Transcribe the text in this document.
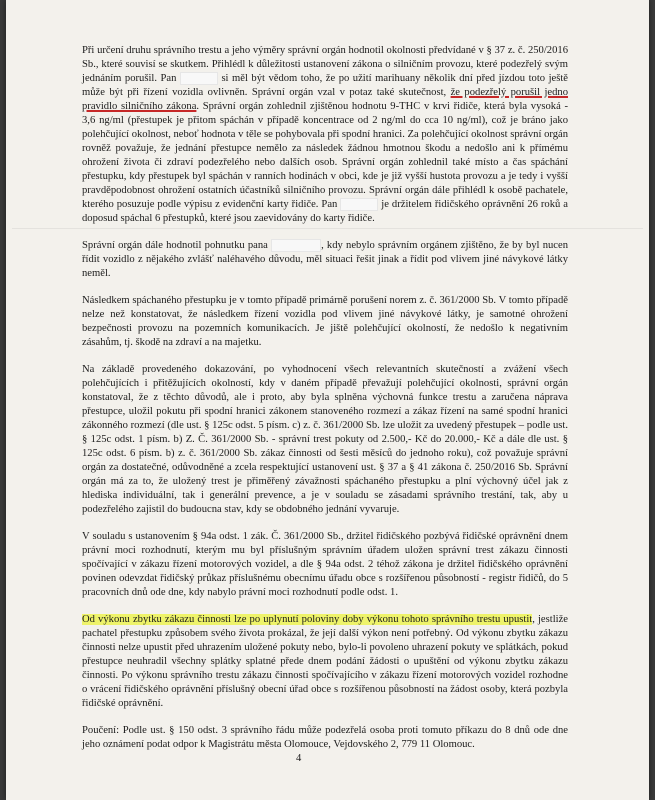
Při určení druhu správního trestu a jeho výměry správní orgán hodnotil okolnosti předvídané v § 37 z. č. 250/2016 Sb., které souvisí se skutkem. Přihlédl k důležitosti ustanovení zákona o silničním provozu, které podezřelý svým jednáním porušil. Pan	si měl být vědom toho, že po užití marihuany několik dní před jízdou toto ještě může být při řízení vozidla ovlivněn. Správní orgán vzal v potaz také skutečnost, že podezřelý porušil jedno pravidlo silničního zákona. Správní orgán zohlednil zjištěnou hodnotu 9-THC v krvi řidiče, která byla vysoká - 3,6 ng/ml (přestupek je přitom spáchán v případě koncentrace od 2 ng/ml do cca 10 ng/ml), což je bráno jako polehčující okolnost, neboť hodnota v těle se pohybovala při spodní hranici. Za polehčující okolnost správní orgán rovněž považuje, že jednání přestupce nemělo za následek žádnou hmotnou škodu a nedošlo ani k přímému ohrožení života či zdraví podezřelého nebo dalších osob. Správní orgán zohlednil také místo a čas spáchání přestupku, kdy přestupek byl spáchán v ranních hodinách v obci, kde je již vyšší hustota provozu a je tedy i vyšší pravděpodobnost ohrožení ostatních účastníků silničního provozu. Správní orgán dále přihlédl k osobě pachatele, kterého posuzuje podle výpisu z evidenční karty řidiče. Pan	je držitelem řidičského oprávnění 26 roků a doposud spáchal 6 přestupků, které jsou zaevidovány do karty řidiče.

Správní orgán dále hodnotil pohnutku pana	, kdy nebylo správním orgánem zjištěno, že by byl nucen řídit vozidlo z nějakého zvlášť naléhavého důvodu, měl situaci řešit jinak a řídit pod vlivem jiné návykové látky neměl.

Následkem spáchaného přestupku je v tomto případě primárně porušení norem z. č. 361/2000 Sb. V tomto případě nelze než konstatovat, že následkem řízení vozidla pod vlivem jiné návykové látky, je samotné ohrožení bezpečnosti provozu na pozemních komunikacích. Je jiště polehčující okolností, že nedošlo k negativním zásahům, tj. škodě na zdraví a na majetku.

Na základě provedeného dokazování, po vyhodnocení všech relevantních skutečností a zvážení všech polehčujících i přitěžujících okolností, kdy v daném případě převažují polehčující okolnosti, správní orgán konstatoval, že z těchto důvodů, ale i proto, aby byla splněna výchovná funkce trestu a zaručena náprava přestupce, uložil pokutu při spodní hranici zákonem stanoveného rozmezí a zákaz řízení na samé spodní hranici zákonného rozmezí (dle ust. § 125c odst. 5 písm. c) z. č. 361/2000 Sb. lze uložit za uvedený přestupek – podle ust. § 125c odst. 1 písm. b) Z. Č. 361/2000 Sb. - správní trest pokuty od 2.500,- Kč do 20.000,- Kč a dále dle ust. § 125c odst. 6 písm. b) z. č. 361/2000 Sb. zákaz činnosti od šesti měsíců do jednoho roku), což považuje správní orgán za dostatečné, odůvodněné a zcela respektující ustanovení ust. § 37 a § 41 zákona č. 250/2016 Sb. Správní orgán má za to, že uložený trest je přiměřený závažnosti spáchaného přestupku a plní výchovný účel jak z hlediska individuální, tak i generální prevence, a je v souladu se zásadami správního trestání, tak, aby u podezřelého zajistil do budoucna stav, kdy se obdobného jednání vyvaruje.

V souladu s ustanovením § 94a odst. 1 zák. Č. 361/2000 Sb., držitel řidičského pozbývá řidičské oprávnění dnem právní moci rozhodnutí, kterým mu byl příslušným správním úřadem uložen správní trest zákazu činnosti spočívající v zákazu řízení motorových vozidel, a dle § 94a odst. 2 téhož zákona je držitel řidičského oprávnění povinen odevzdat řidičský průkaz příslušnému obecnímu úřadu obce s rozšířenou působností - registr řidičů, do 5 pracovních dnů ode dne, kdy nabylo právní moci rozhodnutí podle odst. 1.

Od výkonu zbytku zákazu činnosti lze po uplynutí poloviny doby výkonu tohoto správního trestu upustit, jestliže pachatel přestupku způsobem svého života prokázal, že její další výkon není potřebný. Od výkonu zbytku zákazu činnosti nelze upustit před uhrazením uložené pokuty nebo, bylo-li povoleno uhrazení pokuty ve splátkách, pokud přestupce neuhradil všechny splátky splatné přede dnem podání žádosti o upuštění od výkonu zbytku zákazu činnosti. Po výkonu správního trestu zákazu činnosti spočívajícího v zákazu řízení motorových vozidel rozhodne o vrácení řidičského oprávnění příslušný obecní úřad obce s rozšířenou působností na žádost osoby, která pozbyla řidičské oprávnění.

Poučení: Podle ust. § 150 odst. 3 správního řádu může podezřelá osoba proti tomuto příkazu do 8 dnů ode dne jeho oznámení podat odpor k Magistrátu města Olomouce, Vejdovského 2, 779 11 Olomouc.

4
